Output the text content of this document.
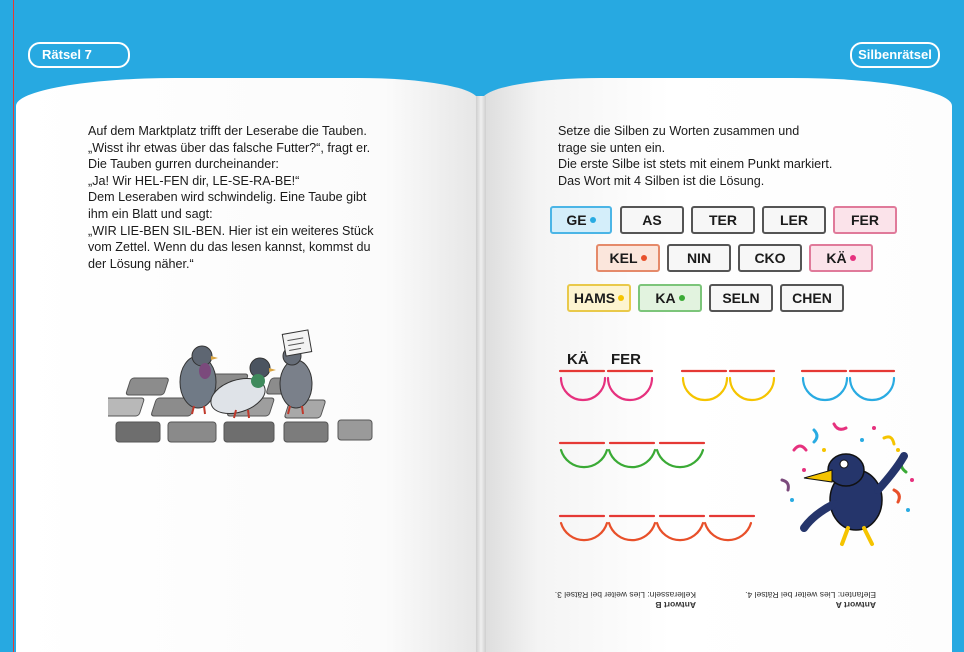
Rätsel 7	Silbenrätsel
Auf dem Marktplatz trifft der Leserabe die Tauben.
„Wisst ihr etwas über das falsche Futter?“, fragt er.
Die Tauben gurren durcheinander:
„Ja! Wir HEL-FEN dir, LE-SE-RA-BE!“
Dem Leseraben wird schwindelig. Eine Taube gibt
ihm ein Blatt und sagt:
„WIR LIE-BEN SIL-BEN. Hier ist ein weiteres Stück
vom Zettel. Wenn du das lesen kannst, kommst du
der Lösung näher.“
Setze die Silben zu Worten zusammen und
trage sie unten ein.
Die erste Silbe ist stets mit einem Punkt markiert.
Das Wort mit 4 Silben ist die Lösung.
GE	AS	TER	LER	FER
KEL	NIN	CKO	KÄ
HAMS	KA	SELN	CHEN
KÄ FER
Antwort A
Elefanten: Lies weiter bei Rätsel 4.
Antwort B
Kellerasseln: Lies weiter bei Rätsel 3.
